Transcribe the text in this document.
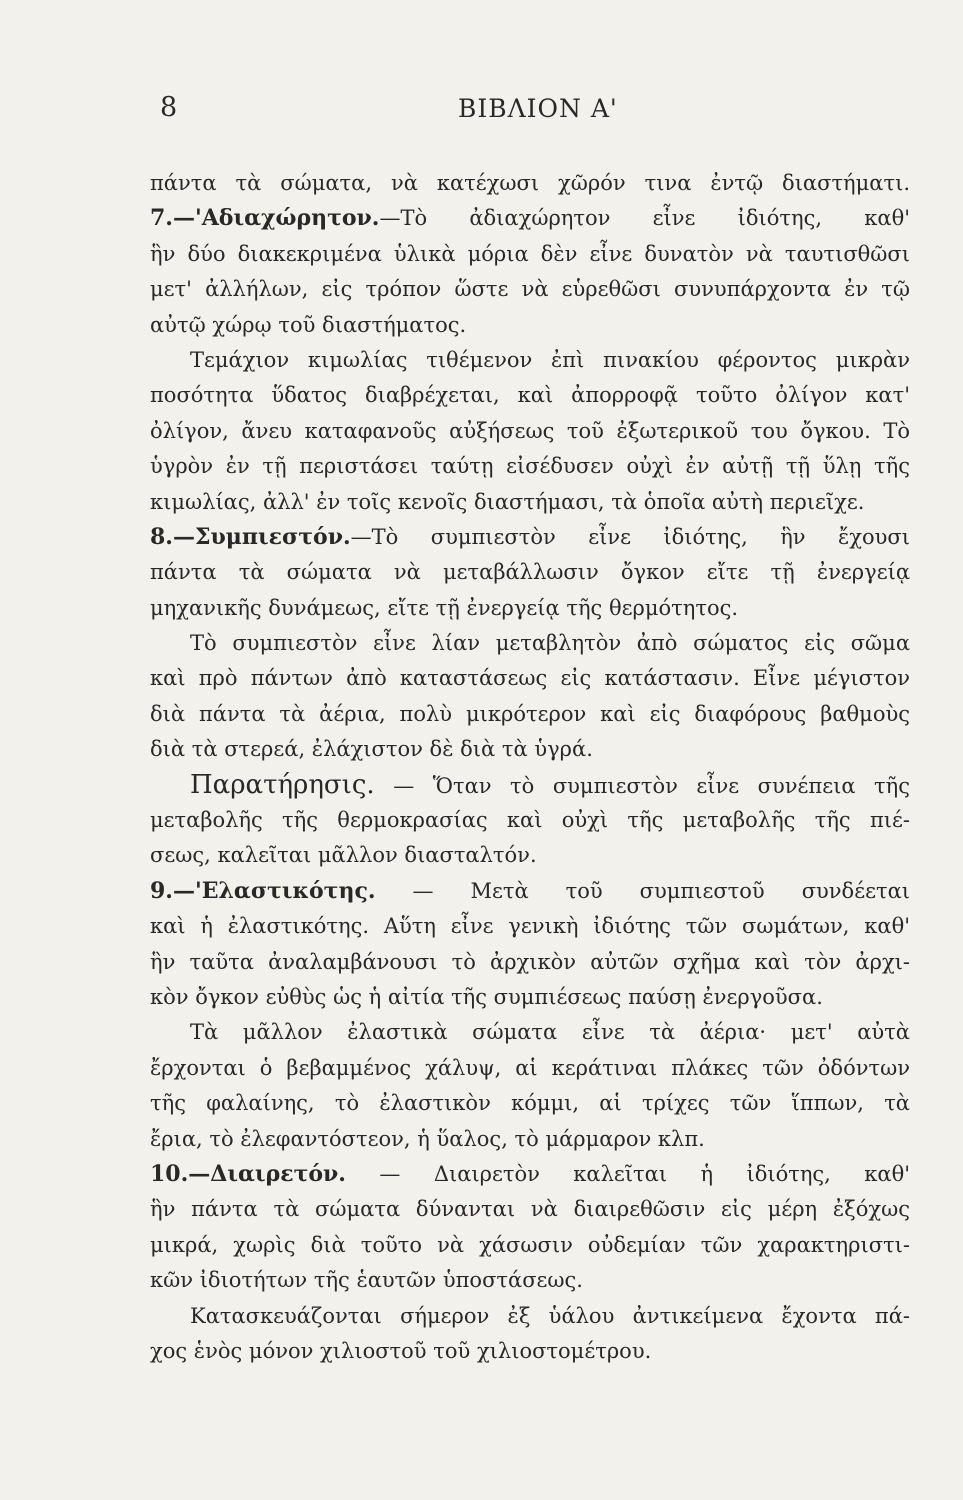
8	ΒΙΒΛΙΟΝ Α'
πάντα τὰ σώματα, νὰ κατέχωσι χῶρόν τινα ἐντῷ διαστήματι.
7.—'Αδιαχώρητον.—Τὸ ἀδιαχώρητον εἶνε ἰδιότης, καθ'
ἣν δύο διακεκριμένα ὑλικὰ μόρια δὲν εἶνε δυνατὸν νὰ ταυτισθῶσι
μετ' ἀλλήλων, εἰς τρόπον ὥστε νὰ εὑρεθῶσι συνυπάρχοντα ἐν τῷ
αὐτῷ χώρῳ τοῦ διαστήματος.
Τεμάχιον κιμωλίας τιθέμενον ἐπὶ πινακίου φέροντος μικρὰν
ποσότητα ὕδατος διαβρέχεται, καὶ ἀπορροφᾷ τοῦτο ὀλίγον κατ'
ὀλίγον, ἄνευ καταφανοῦς αὐξήσεως τοῦ ἐξωτερικοῦ του ὄγκου. Τὸ
ὑγρὸν ἐν τῇ περιστάσει ταύτῃ εἰσέδυσεν οὐχὶ ἐν αὐτῇ τῇ ὕλῃ τῆς
κιμωλίας, ἀλλ' ἐν τοῖς κενοῖς διαστήμασι, τὰ ὁποῖα αὐτὴ περιεῖχε.
8.—Συμπιεστόν.—Τὸ συμπιεστὸν εἶνε ἰδιότης, ἣν ἔχουσι
πάντα τὰ σώματα νὰ μεταβάλλωσιν ὄγκον εἴτε τῇ ἐνεργείᾳ
μηχανικῆς δυνάμεως, εἴτε τῇ ἐνεργείᾳ τῆς θερμότητος.
Τὸ συμπιεστὸν εἶνε λίαν μεταβλητὸν ἀπὸ σώματος εἰς σῶμα
καὶ πρὸ πάντων ἀπὸ καταστάσεως εἰς κατάστασιν. Εἶνε μέγιστον
διὰ πάντα τὰ ἀέρια, πολὺ μικρότερον καὶ εἰς διαφόρους βαθμοὺς
διὰ τὰ στερεά, ἐλάχιστον δὲ διὰ τὰ ὑγρά.
Παρατήρησις. — Ὅταν τὸ συμπιεστὸν εἶνε συνέπεια τῆς
μεταβολῆς τῆς θερμοκρασίας καὶ οὐχὶ τῆς μεταβολῆς τῆς πιέ-
σεως, καλεῖται μᾶλλον διασταλτόν.
9.—'Ελαστικότης. — Μετὰ τοῦ συμπιεστοῦ συνδέεται
καὶ ἡ ἐλαστικότης. Αὕτη εἶνε γενικὴ ἰδιότης τῶν σωμάτων, καθ'
ἣν ταῦτα ἀναλαμβάνουσι τὸ ἀρχικὸν αὐτῶν σχῆμα καὶ τὸν ἀρχι-
κὸν ὄγκον εὐθὺς ὡς ἡ αἰτία τῆς συμπιέσεως παύσῃ ἐνεργοῦσα.
Τὰ μᾶλλον ἐλαστικὰ σώματα εἶνε τὰ ἀέρια· μετ' αὐτὰ
ἔρχονται ὁ βεβαμμένος χάλυψ, αἱ κεράτιναι πλάκες τῶν ὀδόντων
τῆς φαλαίνης, τὸ ἐλαστικὸν κόμμι, αἱ τρίχες τῶν ἵππων, τὰ
ἔρια, τὸ ἐλεφαντόστεον, ἡ ὕαλος, τὸ μάρμαρον κλπ.
10.—Διαιρετόν. — Διαιρετὸν καλεῖται ἡ ἰδιότης, καθ'
ἣν πάντα τὰ σώματα δύνανται νὰ διαιρεθῶσιν εἰς μέρη ἐξόχως
μικρά, χωρὶς διὰ τοῦτο νὰ χάσωσιν οὐδεμίαν τῶν χαρακτηριστι-
κῶν ἰδιοτήτων τῆς ἑαυτῶν ὑποστάσεως.
Κατασκευάζονται σήμερον ἐξ ὑάλου ἀντικείμενα ἔχοντα πά-
χος ἑνὸς μόνον χιλιοστοῦ τοῦ χιλιοστομέτρου.
